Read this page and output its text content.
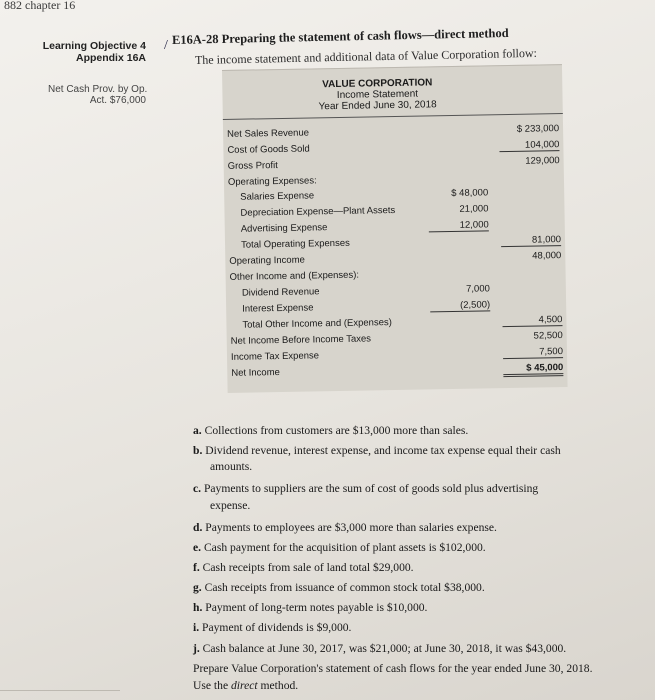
882 chapter 16
Learning Objective 4
Appendix 16A
Net Cash Prov. by Op.
Act. $76,000
/ E16A-28 Preparing the statement of cash flows—direct method
The income statement and additional data of Value Corporation follow:
VALUE CORPORATION
Income Statement
Year Ended June 30, 2018
Net Sales Revenue	$ 233,000
Cost of Goods Sold	104,000
Gross Profit	129,000
Operating Expenses:
Salaries Expense	$ 48,000
Depreciation Expense—Plant Assets	21,000
Advertising Expense	12,000
Total Operating Expenses	81,000
Operating Income	48,000
Other Income and (Expenses):
Dividend Revenue	7,000
Interest Expense	(2,500)
Total Other Income and (Expenses)	4,500
Net Income Before Income Taxes	52,500
Income Tax Expense	7,500
Net Income	$ 45,000
a. Collections from customers are $13,000 more than sales.
b. Dividend revenue, interest expense, and income tax expense equal their cash
amounts.
c. Payments to suppliers are the sum of cost of goods sold plus advertising
expense.
d. Payments to employees are $3,000 more than salaries expense.
e. Cash payment for the acquisition of plant assets is $102,000.
f. Cash receipts from sale of land total $29,000.
g. Cash receipts from issuance of common stock total $38,000.
h. Payment of long-term notes payable is $10,000.
i. Payment of dividends is $9,000.
j. Cash balance at June 30, 2017, was $21,000; at June 30, 2018, it was $43,000.
Prepare Value Corporation's statement of cash flows for the year ended June 30, 2018.
Use the direct method.
